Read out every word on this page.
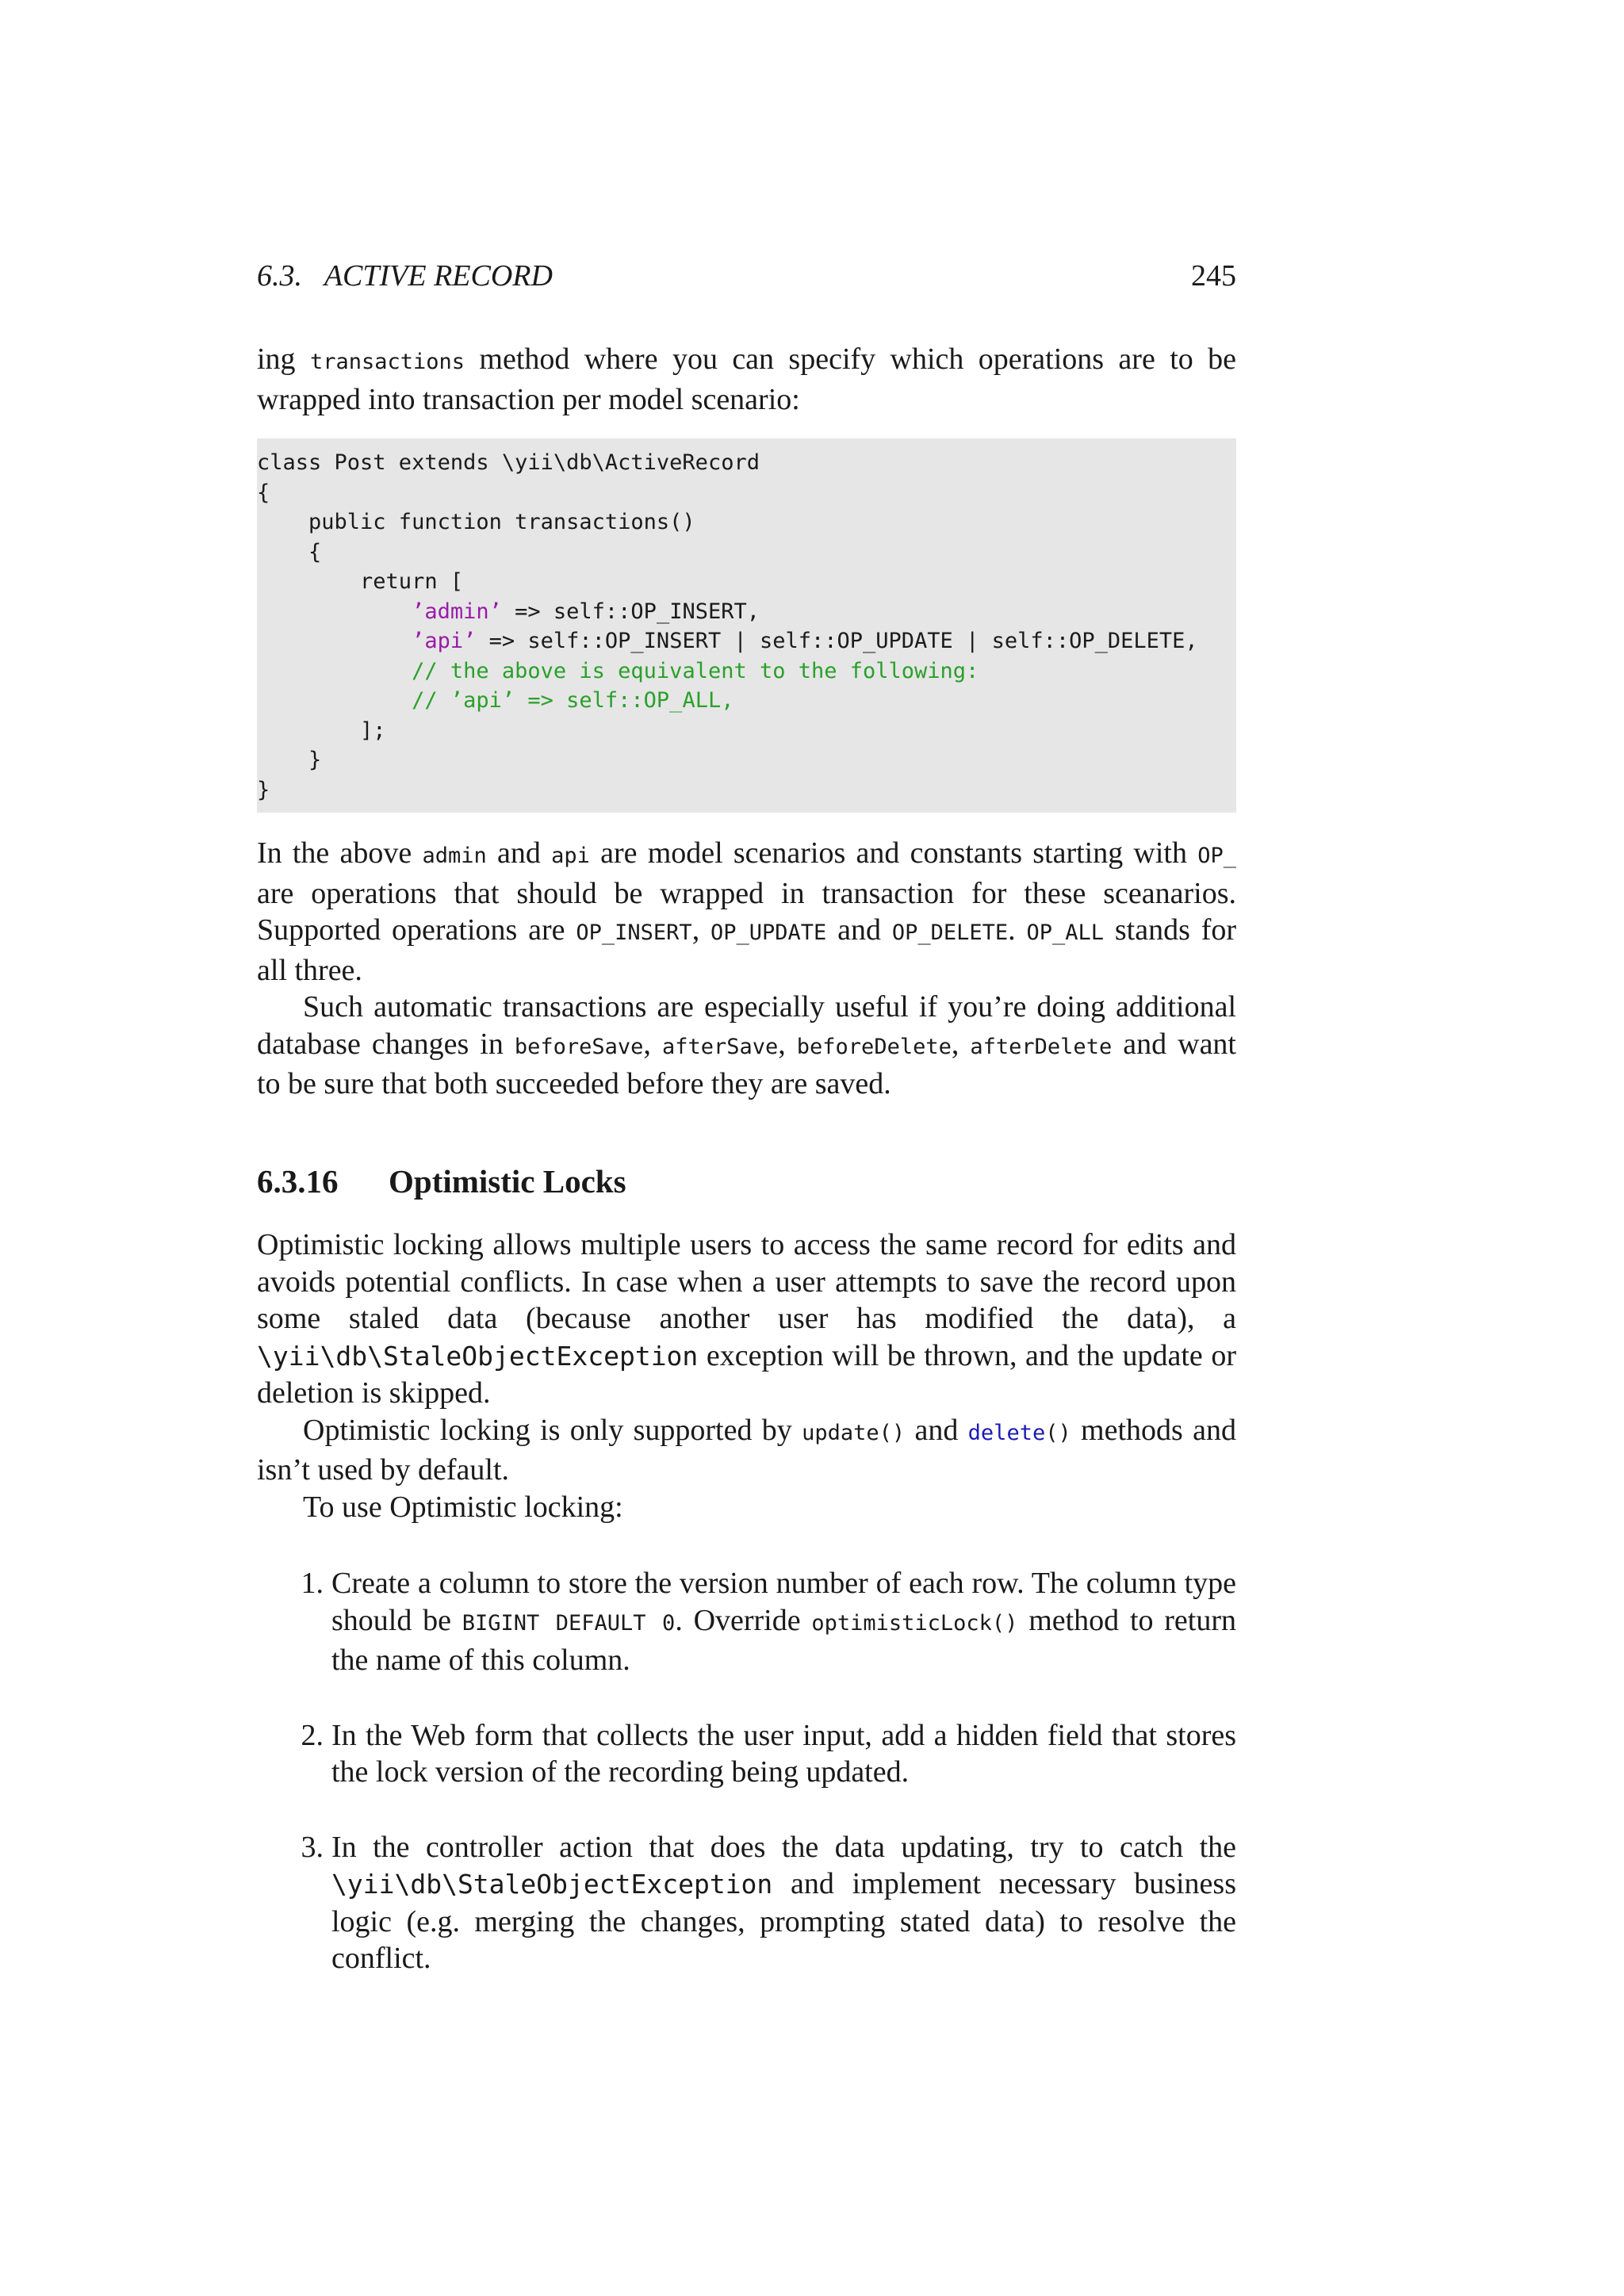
6.3.   ACTIVE RECORD	245

ing transactions method where you can specify which operations are to be wrapped into transaction per model scenario:

class Post extends \yii\db\ActiveRecord
{
public function transactions()
{
return [
’admin’ => self::OP_INSERT,
’api’ => self::OP_INSERT | self::OP_UPDATE | self::OP_DELETE,
// the above is equivalent to the following:
// ’api’ => self::OP_ALL,
];
}
}

In the above admin and api are model scenarios and constants starting with OP_ are operations that should be wrapped in transaction for these sceanarios. Supported operations are OP_INSERT, OP_UPDATE and OP_DELETE. OP_ALL stands for all three.

Such automatic transactions are especially useful if you’re doing additional database changes in beforeSave, afterSave, beforeDelete, afterDelete and want to be sure that both succeeded before they are saved.

6.3.16	Optimistic Locks

Optimistic locking allows multiple users to access the same record for edits and avoids potential conflicts. In case when a user attempts to save the record upon some staled data (because another user has modified the data), a \yii\db\StaleObjectException exception will be thrown, and the update or deletion is skipped.

Optimistic locking is only supported by update() and delete() methods and isn’t used by default.

To use Optimistic locking:

1. Create a column to store the version number of each row. The column type should be BIGINT DEFAULT 0. Override optimisticLock() method to return the name of this column.
2. In the Web form that collects the user input, add a hidden field that stores the lock version of the recording being updated.
3. In the controller action that does the data updating, try to catch the \yii\db\StaleObjectException and implement necessary business logic (e.g. merging the changes, prompting stated data) to resolve the conflict.
